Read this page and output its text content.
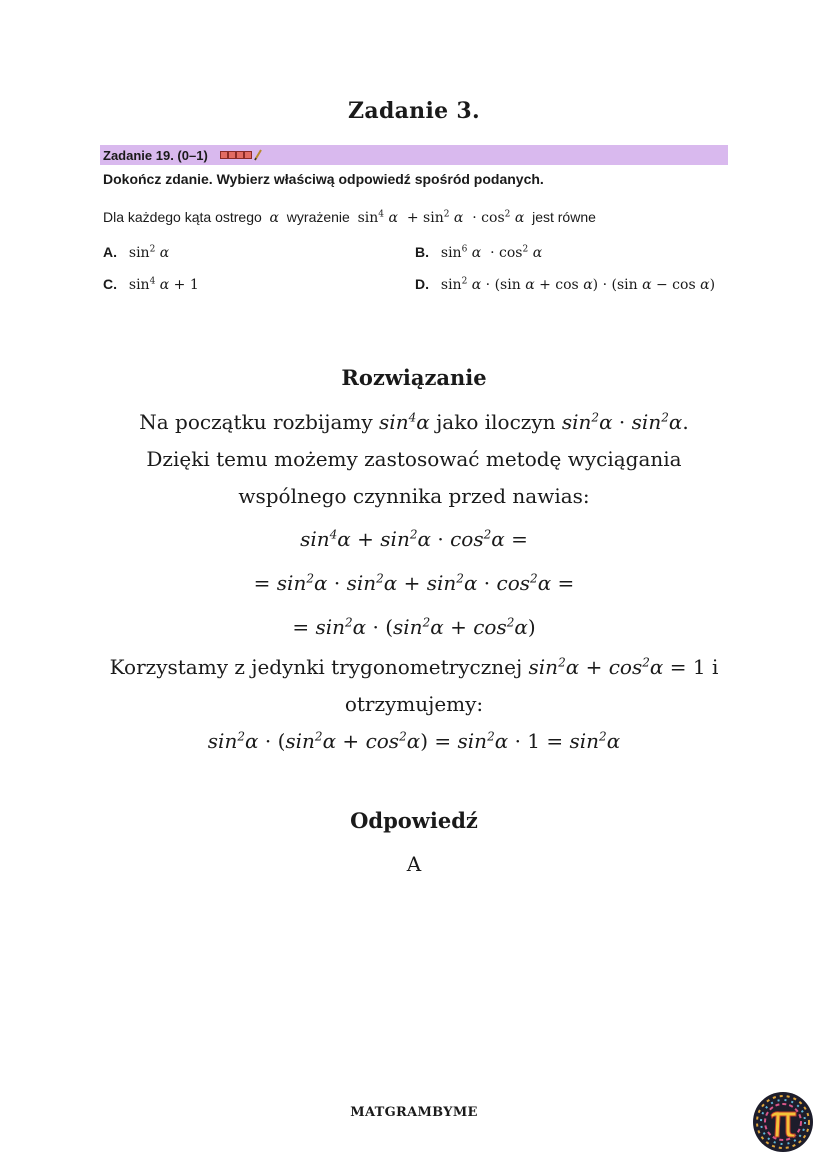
Zadanie 3.
Zadanie 19. (0–1)
Dokończ zdanie. Wybierz właściwą odpowiedź spośród podanych.
Dla każdego kąta ostrego α wyrażenie $\sin^4 \alpha + \sin^2 \alpha \cdot \cos^2 \alpha$ jest równe
A. $\sin^2 \alpha$	B. $\sin^6 \alpha \cdot \cos^2 \alpha$
C. $\sin^4 \alpha + 1$	D. $\sin^2 \alpha \cdot (\sin$ α + cos α) · (sin α − cos α)
Rozwiązanie
Na początku rozbijamy $\sin^4\alpha$ jako iloczyn $\sin^2\alpha \cdot \sin^2\alpha$.
Dzięki temu możemy zastosować metodę wyciągania
wspólnego czynnika przed nawias:
$\sin^4\alpha + \sin^2\alpha \cdot \cos^2\alpha$ =
= $\sin^2\alpha \cdot \sin^2\alpha + \sin^2\alpha \cdot \cos^2\alpha$ =
= $\sin^2\alpha \cdot (\sin^2\alpha + \cos^2\alpha)$
Korzystamy z jedynki trygonometrycznej $\sin^2\alpha + \cos^2\alpha = 1$ i
otrzymujemy:
$\sin^2\alpha \cdot (\sin^2\alpha + \cos^2\alpha) = \sin^2\alpha \cdot 1 = \sin^2\alpha$
Odpowiedź
A
MATGRAMBYME
